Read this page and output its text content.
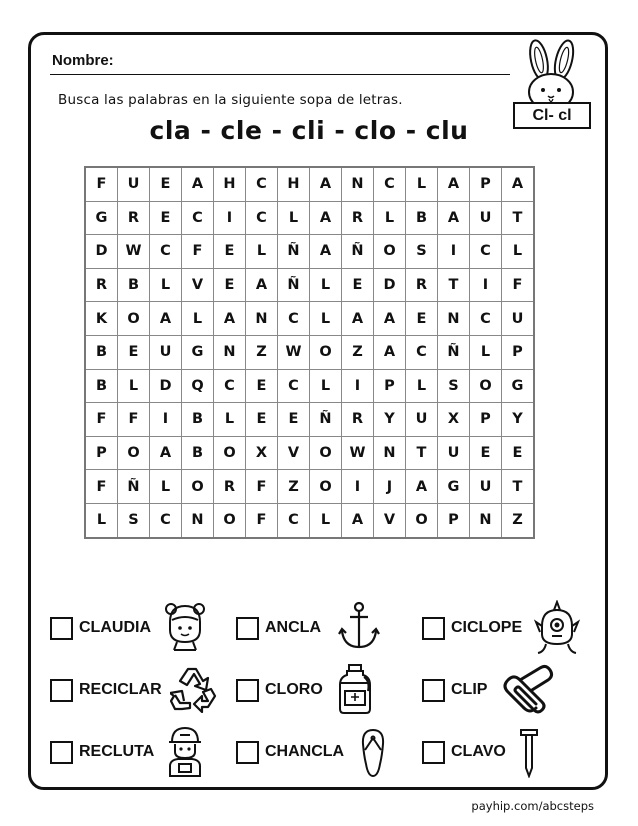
Nombre:
Busca las palabras en la siguiente sopa de letras.
cla - cle - cli - clo - clu
Cl- cl
F	U	E	A	H	C	H	A	N	C	L	A	P	A
G	R	E	C	I	C	L	A	R	L	B	A	U	T
D	W	C	F	E	L	Ñ	A	Ñ	O	S	I	C	L
R	B	L	V	E	A	Ñ	L	E	D	R	T	I	F
K	O	A	L	A	N	C	L	A	A	E	N	C	U
B	E	U	G	N	Z	W	O	Z	A	C	Ñ	L	P
B	L	D	Q	C	E	C	L	I	P	L	S	O	G
F	F	I	B	L	E	E	Ñ	R	Y	U	X	P	Y
P	O	A	B	O	X	V	O	W	N	T	U	E	E
F	Ñ	L	O	R	F	Z	O	I	J	A	G	U	T
L	S	C	N	O	F	C	L	A	V	O	P	N	Z
CLAUDIA	ANCLA	CICLOPE
RECICLAR	CLORO	CLIP
RECLUTA	CHANCLA	CLAVO
payhip.com/abcsteps
